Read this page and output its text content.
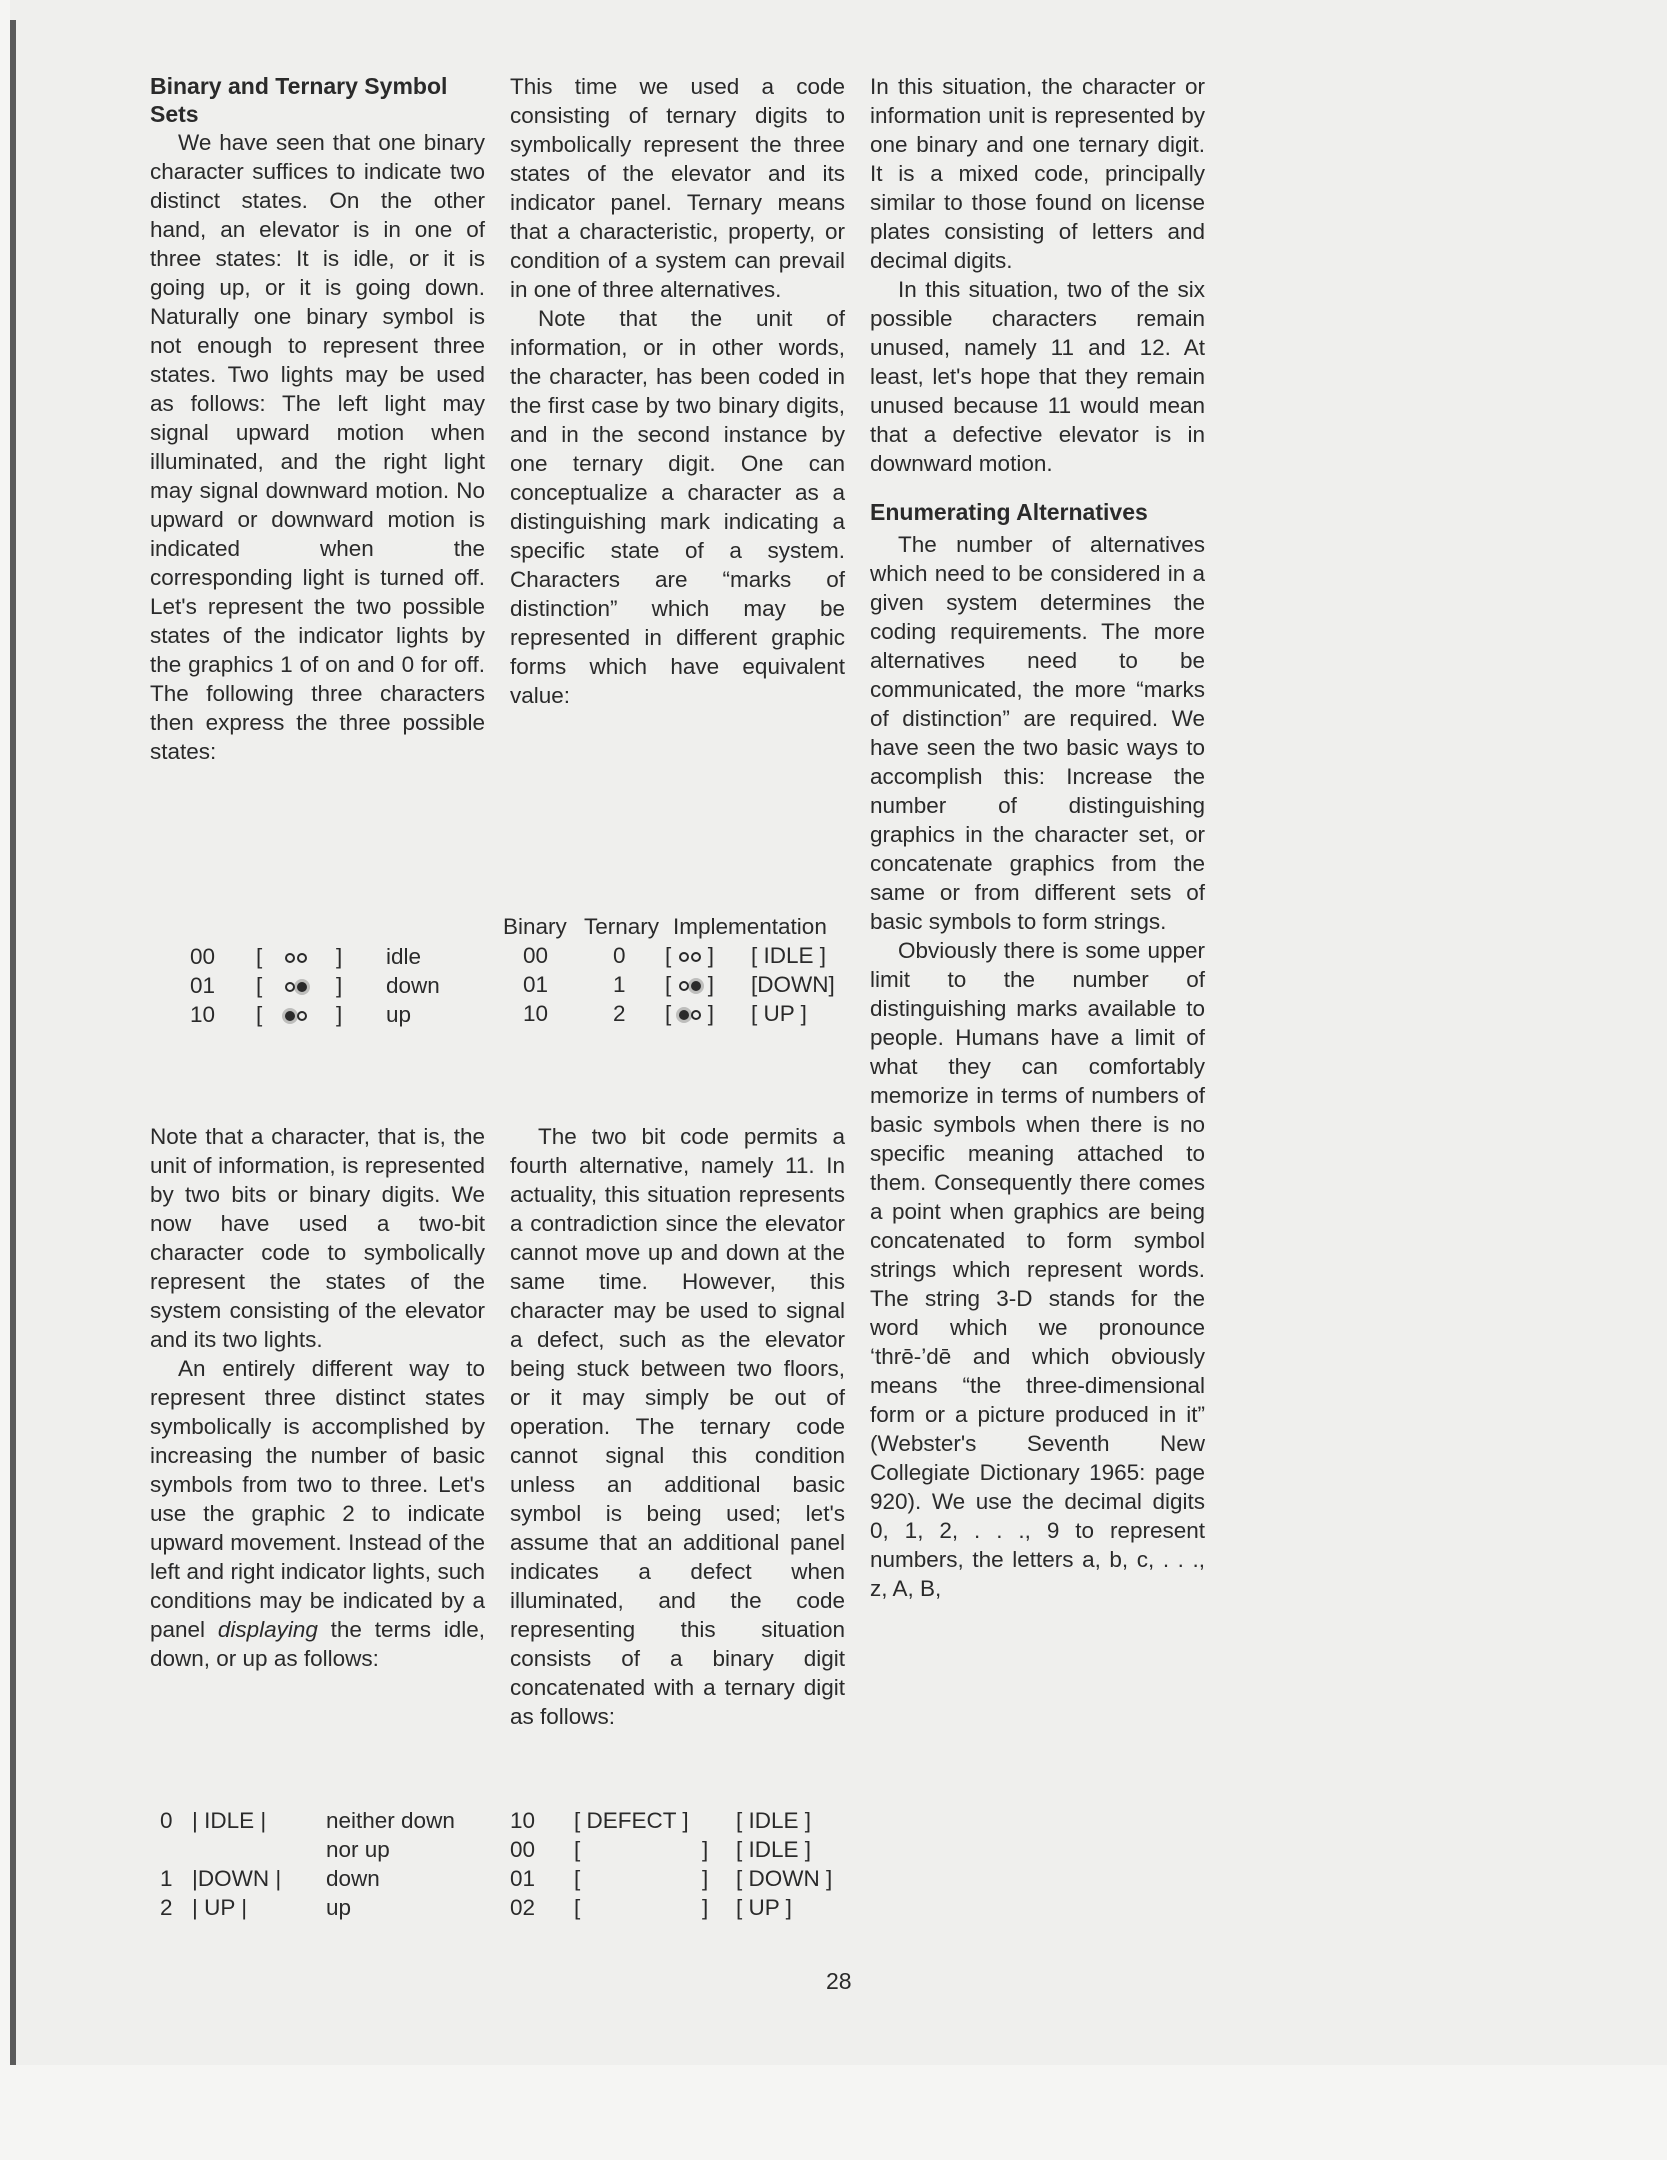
Binary and Ternary Symbol Sets

We have seen that one binary character suffices to indicate two distinct states. On the other hand, an elevator is in one of three states: It is idle, or it is going up, or it is going down. Naturally one binary symbol is not enough to represent three states. Two lights may be used as follows: The left light may signal upward motion when illuminated, and the right light may signal downward motion. No upward or downward motion is indicated when the corresponding light is turned off. Let's represent the two possible states of the indicator lights by the graphics 1 of on and 0 for off. The following three characters then express the three possible states:

00 [	] idle
01 [	] down
10 [	] up

Note that a character, that is, the unit of information, is represented by two bits or binary digits. We now have used a two-bit character code to symbolically represent the states of the system consisting of the elevator and its two lights.

An entirely different way to represent three distinct states symbolically is accomplished by increasing the number of basic symbols from two to three. Let's use the graphic 2 to indicate upward movement. Instead of the left and right indicator lights, such conditions may be indicated by a panel displaying the terms idle, down, or up as follows:

0 | IDLE |	neither down
nor up
1 |DOWN | down
2 | UP |	up

This time we used a code consisting of ternary digits to symbolically represent the three states of the elevator and its indicator panel. Ternary means that a characteristic, property, or condition of a system can prevail in one of three alternatives.

Note that the unit of information, or in other words, the character, has been coded in the first case by two binary digits, and in the second instance by one ternary digit. One can conceptualize a character as a distinguishing mark indicating a specific state of a system. Characters are “marks of distinction” which may be represented in different graphic forms which have equivalent value:

Binary Ternary Implementation
00	0 [  ] [ IDLE ]
01	1 [  ] [DOWN]
10	2 [  ] [ UP ]

The two bit code permits a fourth alternative, namely 11. In actuality, this situation represents a contradiction since the elevator cannot move up and down at the same time. However, this character may be used to signal a defect, such as the elevator being stuck between two floors, or it may simply be out of operation. The ternary code cannot signal this condition unless an additional basic symbol is being used; let's assume that an additional panel indicates a defect when illuminated, and the code representing this situation consists of a binary digit concatenated with a ternary digit as follows:

10 [ DEFECT ] [ IDLE ]
00 [	] [ IDLE ]
01 [	] [ DOWN ]
02 [	] [ UP ]

In this situation, the character or information unit is represented by one binary and one ternary digit. It is a mixed code, principally similar to those found on license plates consisting of letters and decimal digits.

In this situation, two of the six possible characters remain unused, namely 11 and 12. At least, let's hope that they remain unused because 11 would mean that a defective elevator is in downward motion.

Enumerating Alternatives

The number of alternatives which need to be considered in a given system determines the coding requirements. The more alternatives need to be communicated, the more “marks of distinction” are required. We have seen the two basic ways to accomplish this: Increase the number of distinguishing graphics in the character set, or concatenate graphics from the same or from different sets of basic symbols to form strings.

Obviously there is some upper limit to the number of distinguishing marks available to people. Humans have a limit of what they can comfortably memorize in terms of numbers of basic symbols when there is no specific meaning attached to them. Consequently there comes a point when graphics are being concatenated to form symbol strings which represent words. The string 3-D stands for the word which we pronounce ‘thrē-’dē and which obviously means “the three-dimensional form or a picture produced in it” (Webster's Seventh New Collegiate Dictionary 1965: page 920). We use the decimal digits 0, 1, 2, . . ., 9 to represent numbers, the letters a, b, c, . . ., z, A, B,

28
